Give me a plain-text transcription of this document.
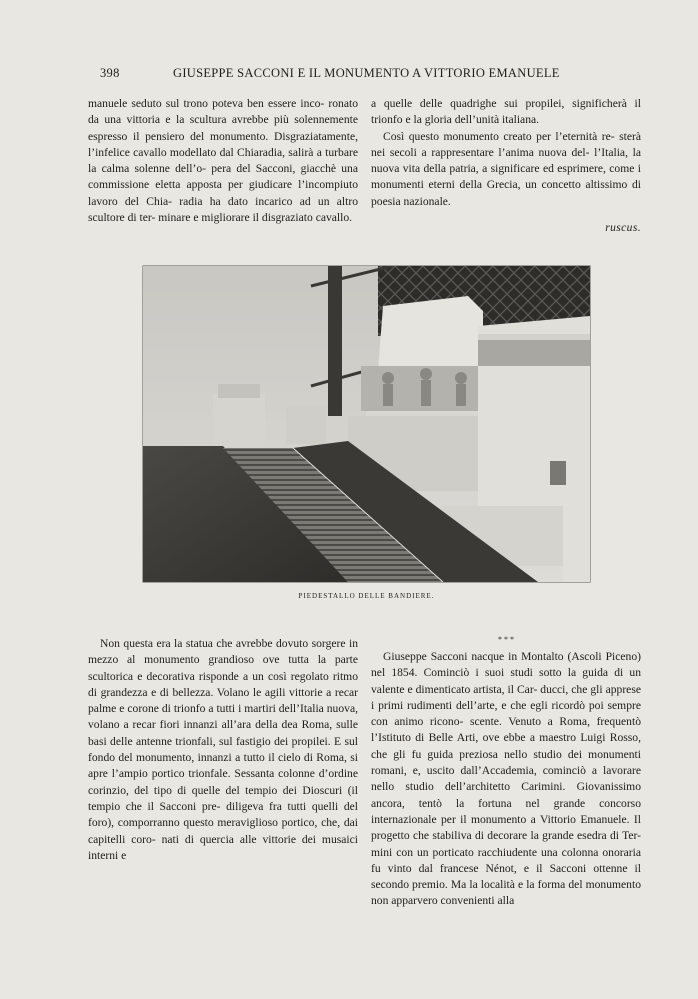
398	GIUSEPPE SACCONI E IL MONUMENTO A VITTORIO EMANUELE

manuele seduto sul trono poteva ben essere inco- ronato da una vittoria e la scultura avrebbe più solennemente espresso il pensiero del monumento. Disgraziatamente, l’infelice cavallo modellato dal Chiaradia, salirà a turbare la calma solenne dell’o- pera del Sacconi, giacchè una commissione eletta apposta per giudicare l’incompiuto lavoro del Chia- radia ha dato incarico ad un altro scultore di ter- minare e migliorare il disgraziato cavallo.

a quelle delle quadrighe sui propilei, significherà il trionfo e la gloria dell’unità italiana.

Così questo monumento creato per l’eternità re- sterà nei secoli a rappresentare l’anima nuova del- l’Italia, la nuova vita della patria, a significare ed esprimere, come i monumenti eterni della Grecia, un concetto altissimo di poesia nazionale.

ruscus.

PIEDESTALLO DELLE BANDIERE.

Non questa era la statua che avrebbe dovuto sorgere in mezzo al monumento grandioso ove tutta la parte scultorica e decorativa risponde a un così regolato ritmo di grandezza e di bellezza. Volano le agili vittorie a recar palme e corone di trionfo a tutti i martiri dell’Italia nuova, volano a recar fiori innanzi all’ara della dea Roma, sulle basi delle antenne trionfali, sul fastigio dei propilei. E sul fondo del monumento, innanzi a tutto il cielo di Roma, si apre l’ampio portico trionfale. Sessanta colonne d’ordine corinzio, del tipo di quelle del tempio dei Dioscuri (il tempio che il Sacconi pre- diligeva fra tutti quelli del foro), comporranno questo meraviglioso portico, che, dai capitelli coro- nati di quercia alle vittorie dei musaici interni e

* * *

Giuseppe Sacconi nacque in Montalto (Ascoli Piceno) nel 1854. Cominciò i suoi studi sotto la guida di un valente e dimenticato artista, il Car- ducci, che gli apprese i primi rudimenti dell’arte, e che egli ricordò poi sempre con animo ricono- scente. Venuto a Roma, frequentò l’Istituto di Belle Arti, ove ebbe a maestro Luigi Rosso, che gli fu guida preziosa nello studio dei monumenti romani, e, uscito dall’Accademia, cominciò a lavorare nello studio dell’architetto Carimini. Giovanissimo ancora, tentò la fortuna nel grande concorso internazionale per il monumento a Vittorio Emanuele. Il progetto che stabiliva di decorare la grande esedra di Ter- mini con un porticato racchiudente una colonna onoraria fu vinto dal francese Nénot, e il Sacconi ottenne il secondo premio. Ma la località e la forma del monumento non apparvero convenienti alla
